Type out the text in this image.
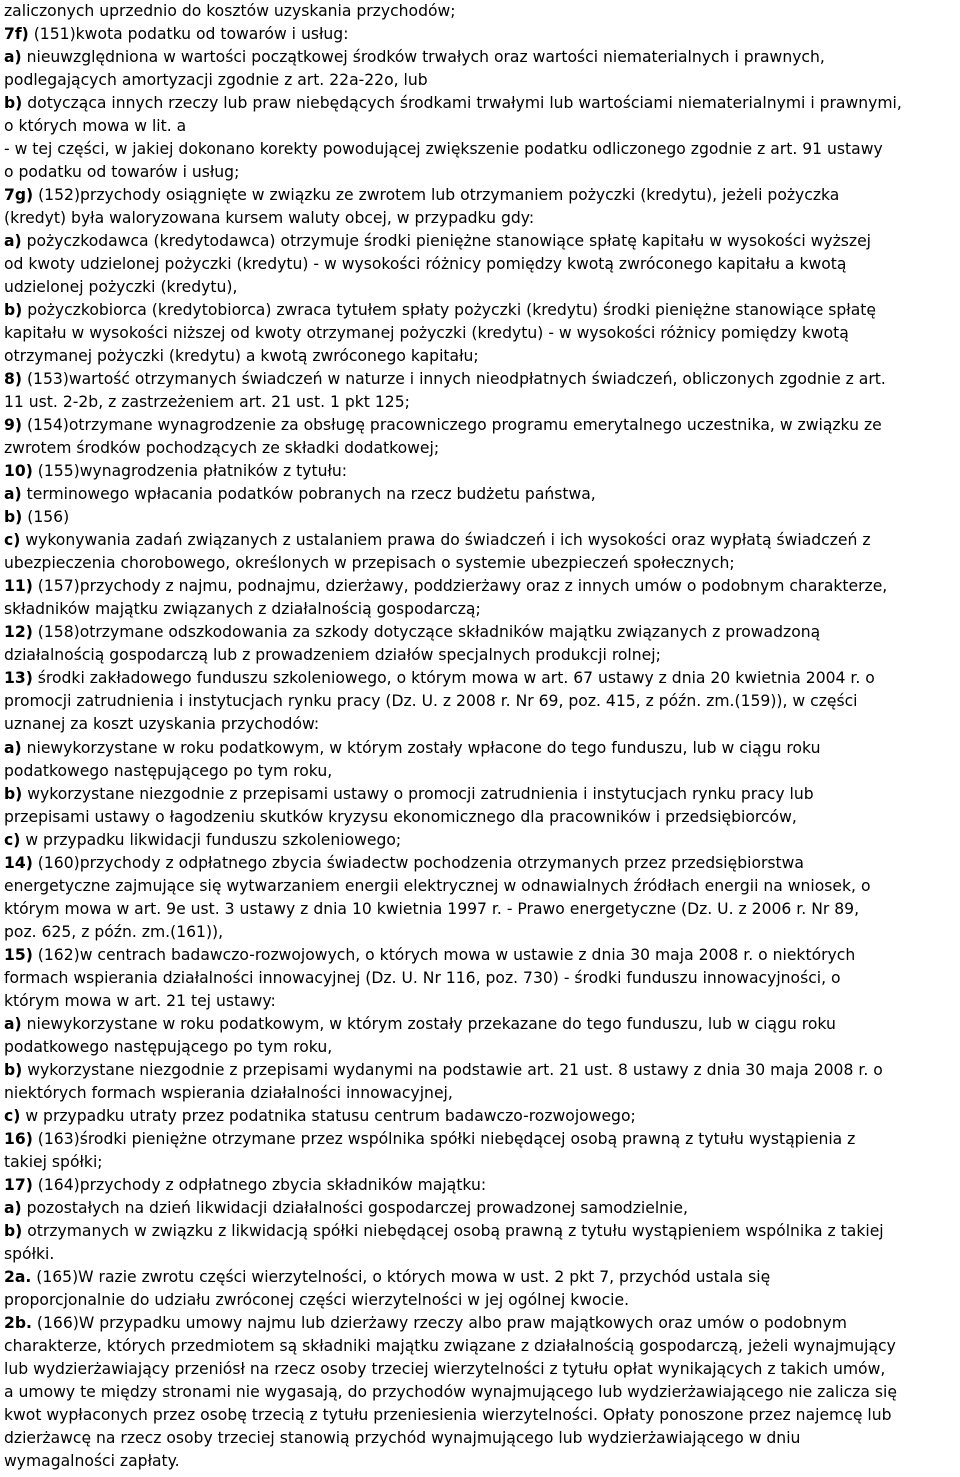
zaliczonych uprzednio do kosztów uzyskania przychodów;
7f) (151)kwota podatku od towarów i usług:
a) nieuwzględniona w wartości początkowej środków trwałych oraz wartości niematerialnych i prawnych,
podlegających amortyzacji zgodnie z art. 22a-22o, lub
b) dotycząca innych rzeczy lub praw niebędących środkami trwałymi lub wartościami niematerialnymi i prawnymi,
o których mowa w lit. a
- w tej części, w jakiej dokonano korekty powodującej zwiększenie podatku odliczonego zgodnie z art. 91 ustawy
o podatku od towarów i usług;
7g) (152)przychody osiągnięte w związku ze zwrotem lub otrzymaniem pożyczki (kredytu), jeżeli pożyczka
(kredyt) była waloryzowana kursem waluty obcej, w przypadku gdy:
a) pożyczkodawca (kredytodawca) otrzymuje środki pieniężne stanowiące spłatę kapitału w wysokości wyższej
od kwoty udzielonej pożyczki (kredytu) - w wysokości różnicy pomiędzy kwotą zwróconego kapitału a kwotą
udzielonej pożyczki (kredytu),
b) pożyczkobiorca (kredytobiorca) zwraca tytułem spłaty pożyczki (kredytu) środki pieniężne stanowiące spłatę
kapitału w wysokości niższej od kwoty otrzymanej pożyczki (kredytu) - w wysokości różnicy pomiędzy kwotą
otrzymanej pożyczki (kredytu) a kwotą zwróconego kapitału;
8) (153)wartość otrzymanych świadczeń w naturze i innych nieodpłatnych świadczeń, obliczonych zgodnie z art.
11 ust. 2-2b, z zastrzeżeniem art. 21 ust. 1 pkt 125;
9) (154)otrzymane wynagrodzenie za obsługę pracowniczego programu emerytalnego uczestnika, w związku ze
zwrotem środków pochodzących ze składki dodatkowej;
10) (155)wynagrodzenia płatników z tytułu:
a) terminowego wpłacania podatków pobranych na rzecz budżetu państwa,
b) (156)
c) wykonywania zadań związanych z ustalaniem prawa do świadczeń i ich wysokości oraz wypłatą świadczeń z
ubezpieczenia chorobowego, określonych w przepisach o systemie ubezpieczeń społecznych;
11) (157)przychody z najmu, podnajmu, dzierżawy, poddzierżawy oraz z innych umów o podobnym charakterze,
składników majątku związanych z działalnością gospodarczą;
12) (158)otrzymane odszkodowania za szkody dotyczące składników majątku związanych z prowadzoną
działalnością gospodarczą lub z prowadzeniem działów specjalnych produkcji rolnej;
13) środki zakładowego funduszu szkoleniowego, o którym mowa w art. 67 ustawy z dnia 20 kwietnia 2004 r. o
promocji zatrudnienia i instytucjach rynku pracy (Dz. U. z 2008 r. Nr 69, poz. 415, z późn. zm.(159)), w części
uznanej za koszt uzyskania przychodów:
a) niewykorzystane w roku podatkowym, w którym zostały wpłacone do tego funduszu, lub w ciągu roku
podatkowego następującego po tym roku,
b) wykorzystane niezgodnie z przepisami ustawy o promocji zatrudnienia i instytucjach rynku pracy lub
przepisami ustawy o łagodzeniu skutków kryzysu ekonomicznego dla pracowników i przedsiębiorców,
c) w przypadku likwidacji funduszu szkoleniowego;
14) (160)przychody z odpłatnego zbycia świadectw pochodzenia otrzymanych przez przedsiębiorstwa
energetyczne zajmujące się wytwarzaniem energii elektrycznej w odnawialnych źródłach energii na wniosek, o
którym mowa w art. 9e ust. 3 ustawy z dnia 10 kwietnia 1997 r. - Prawo energetyczne (Dz. U. z 2006 r. Nr 89,
poz. 625, z późn. zm.(161)),
15) (162)w centrach badawczo-rozwojowych, o których mowa w ustawie z dnia 30 maja 2008 r. o niektórych
formach wspierania działalności innowacyjnej (Dz. U. Nr 116, poz. 730) - środki funduszu innowacyjności, o
którym mowa w art. 21 tej ustawy:
a) niewykorzystane w roku podatkowym, w którym zostały przekazane do tego funduszu, lub w ciągu roku
podatkowego następującego po tym roku,
b) wykorzystane niezgodnie z przepisami wydanymi na podstawie art. 21 ust. 8 ustawy z dnia 30 maja 2008 r. o
niektórych formach wspierania działalności innowacyjnej,
c) w przypadku utraty przez podatnika statusu centrum badawczo-rozwojowego;
16) (163)środki pieniężne otrzymane przez wspólnika spółki niebędącej osobą prawną z tytułu wystąpienia z
takiej spółki;
17) (164)przychody z odpłatnego zbycia składników majątku:
a) pozostałych na dzień likwidacji działalności gospodarczej prowadzonej samodzielnie,
b) otrzymanych w związku z likwidacją spółki niebędącej osobą prawną z tytułu wystąpieniem wspólnika z takiej
spółki.
2a. (165)W razie zwrotu części wierzytelności, o których mowa w ust. 2 pkt 7, przychód ustala się
proporcjonalnie do udziału zwróconej części wierzytelności w jej ogólnej kwocie.
2b. (166)W przypadku umowy najmu lub dzierżawy rzeczy albo praw majątkowych oraz umów o podobnym
charakterze, których przedmiotem są składniki majątku związane z działalnością gospodarczą, jeżeli wynajmujący
lub wydzierżawiający przeniósł na rzecz osoby trzeciej wierzytelności z tytułu opłat wynikających z takich umów,
a umowy te między stronami nie wygasają, do przychodów wynajmującego lub wydzierżawiającego nie zalicza się
kwot wypłaconych przez osobę trzecią z tytułu przeniesienia wierzytelności. Opłaty ponoszone przez najemcę lub
dzierżawcę na rzecz osoby trzeciej stanowią przychód wynajmującego lub wydzierżawiającego w dniu
wymagalności zapłaty.
